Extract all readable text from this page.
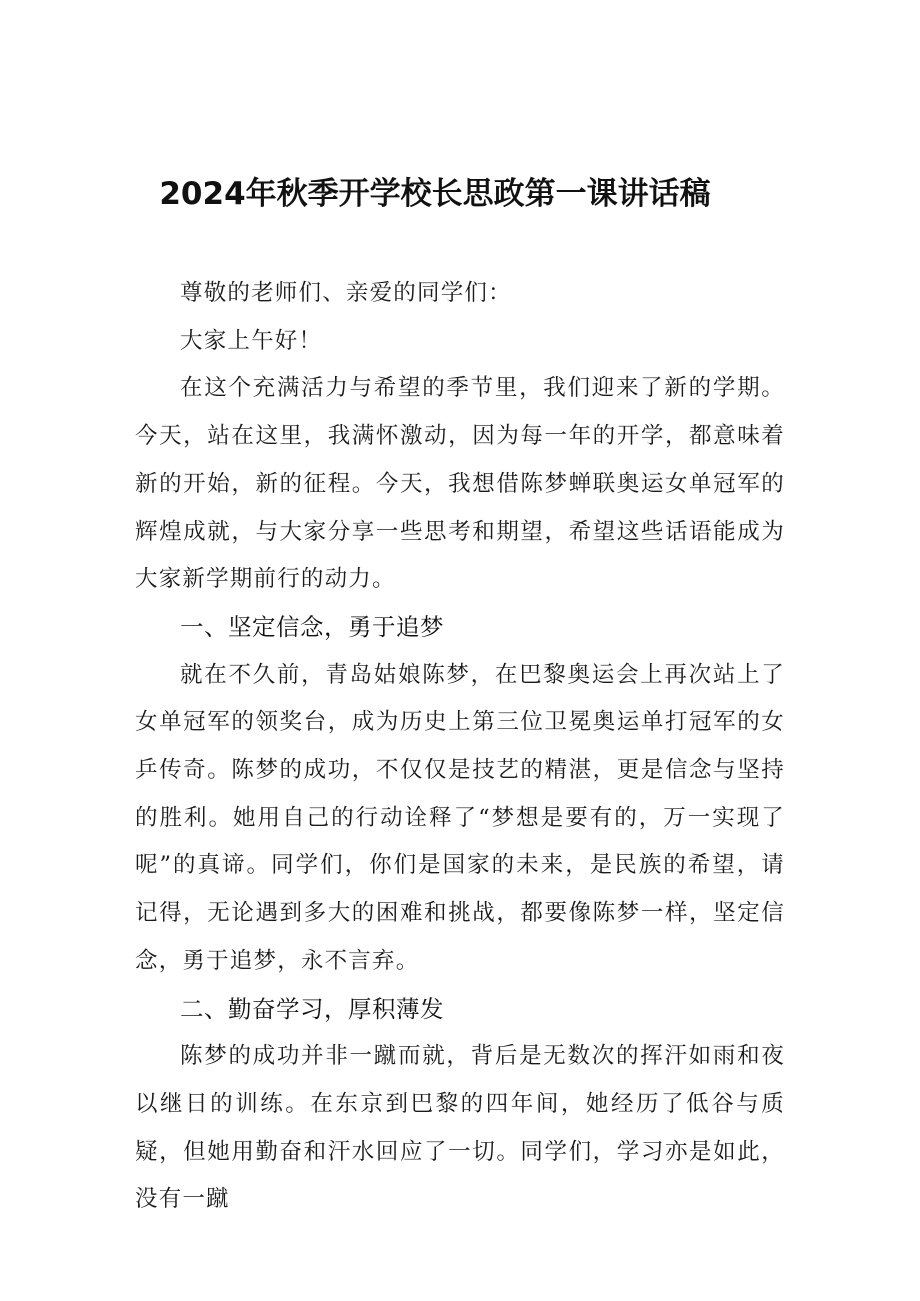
2024年秋季开学校长思政第一课讲话稿

尊敬的老师们、亲爱的同学们：

大家上午好！

在这个充满活力与希望的季节里，我们迎来了新的学期。今天，站在这里，我满怀激动，因为每一年的开学，都意味着新的开始，新的征程。今天，我想借陈梦蝉联奥运女单冠军的辉煌成就，与大家分享一些思考和期望，希望这些话语能成为大家新学期前行的动力。

一、坚定信念，勇于追梦

就在不久前，青岛姑娘陈梦，在巴黎奥运会上再次站上了女单冠军的领奖台，成为历史上第三位卫冕奥运单打冠军的女乒传奇。陈梦的成功，不仅仅是技艺的精湛，更是信念与坚持的胜利。她用自己的行动诠释了“梦想是要有的，万一实现了呢”的真谛。同学们，你们是国家的未来，是民族的希望，请记得，无论遇到多大的困难和挑战，都要像陈梦一样，坚定信念，勇于追梦，永不言弃。

二、勤奋学习，厚积薄发

陈梦的成功并非一蹴而就，背后是无数次的挥汗如雨和夜以继日的训练。在东京到巴黎的四年间，她经历了低谷与质疑，但她用勤奋和汗水回应了一切。同学们，学习亦是如此，没有一蹴
